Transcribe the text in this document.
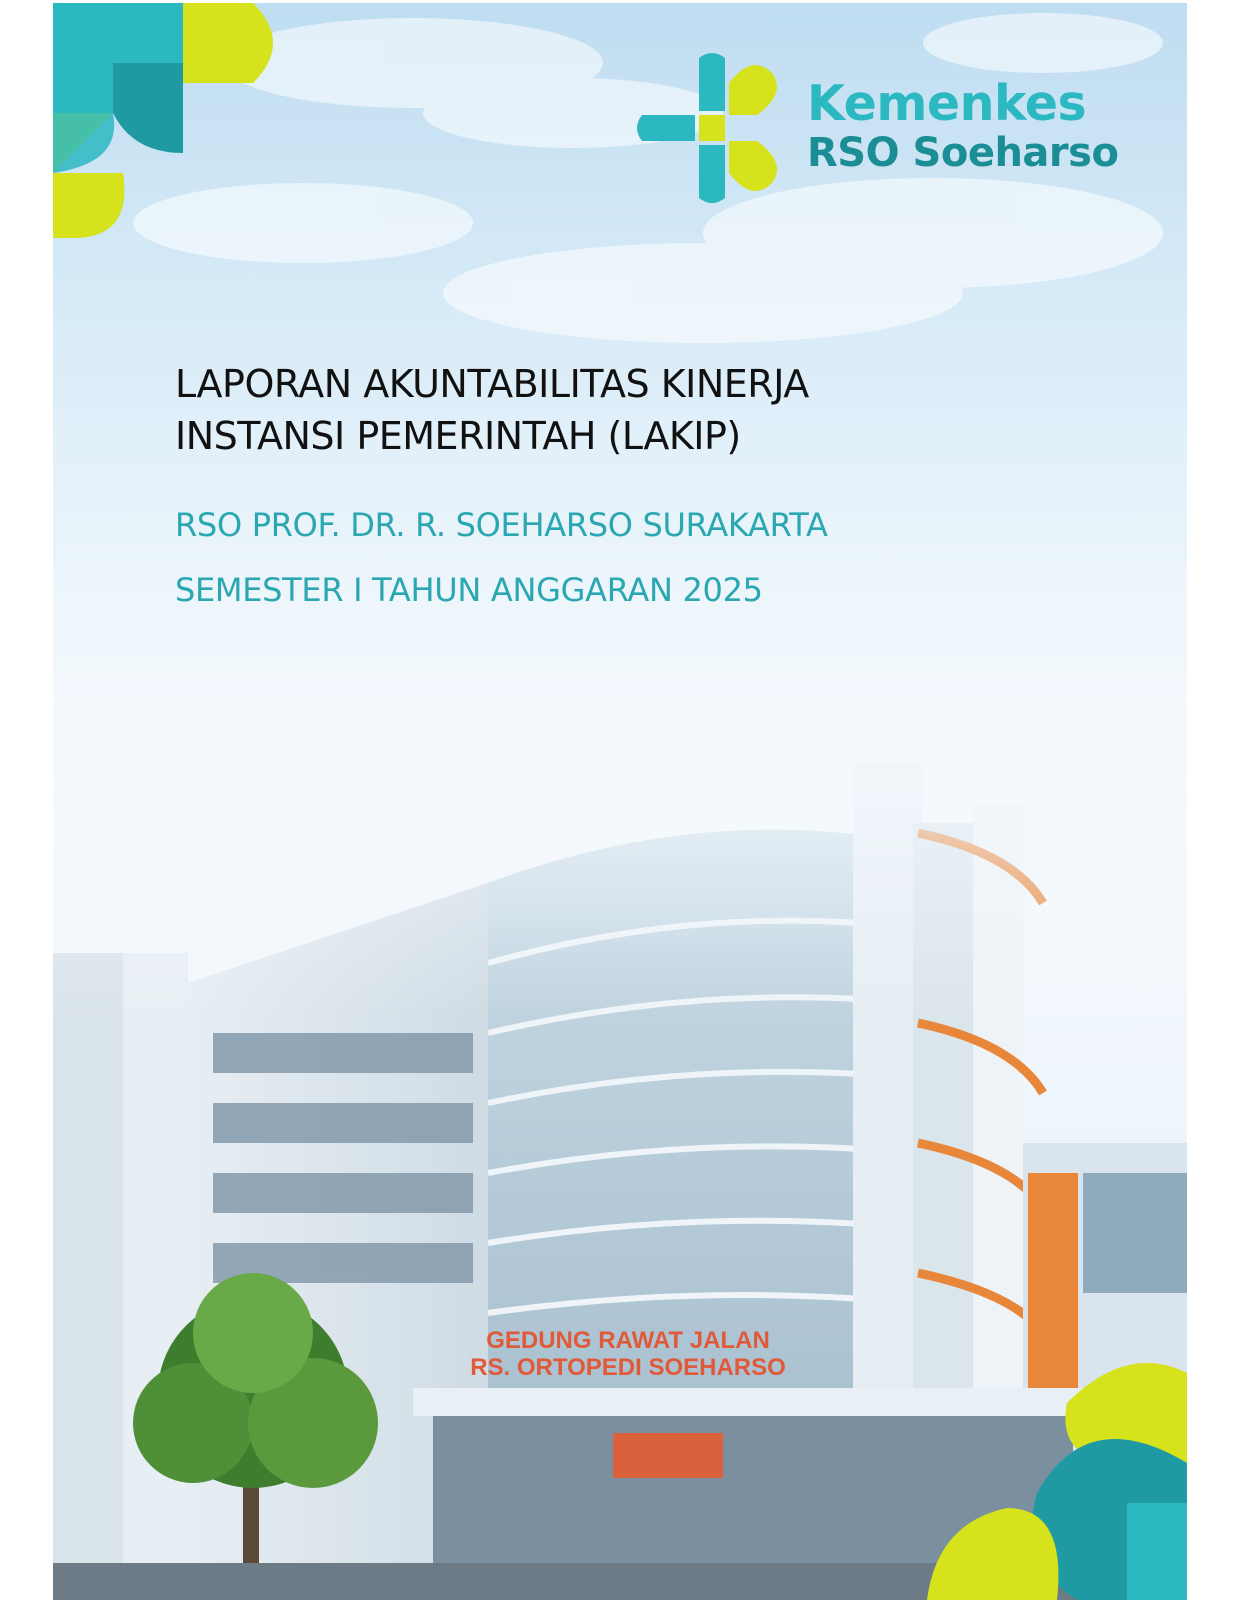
Kemenkes
RSO Soeharso
LAPORAN AKUNTABILITAS KINERJA
INSTANSI PEMERINTAH (LAKIP)
RSO PROF. DR. R. SOEHARSO SURAKARTA
SEMESTER I TAHUN ANGGARAN 2025
